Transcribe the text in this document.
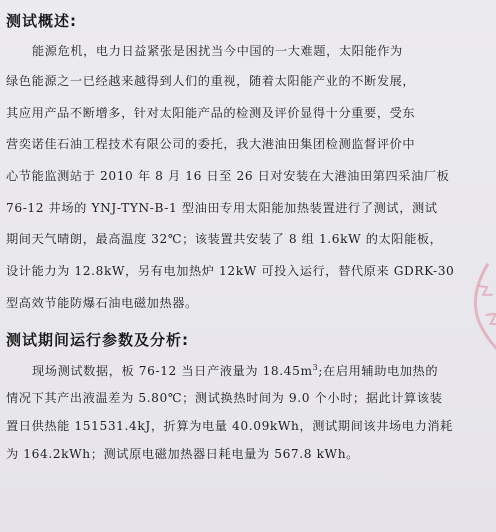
测试概述:
能源危机，电力日益紧张是困扰当今中国的一大难题，太阳能作为
绿色能源之一已经越来越得到人们的重视，随着太阳能产业的不断发展，
其应用产品不断增多，针对太阳能产品的检测及评价显得十分重要，受东
营奕诺佳石油工程技术有限公司的委托，我大港油田集团检测监督评价中
心节能监测站于 2010 年 8 月 16 日至 26 日对安装在大港油田第四采油厂板
76-12 井场的 YNJ-TYN-B-1 型油田专用太阳能加热装置进行了测试，测试
期间天气晴朗，最高温度 32℃；该装置共安装了 8 组 1.6kW 的太阳能板，
设计能力为 12.8kW，另有电加热炉 12kW 可投入运行，替代原来 GDRK-30
型高效节能防爆石油电磁加热器。
测试期间运行参数及分析:
现场测试数据，板 76-12 当日产液量为 $18.45m^3$;在启用辅助电加热的
情况下其产出液温差为 5.80℃；测试换热时间为 9.0 个小时；据此计算该装
置日供热能 151531.4kJ，折算为电量 40.09kWh，测试期间该井场电力消耗
为 164.2kWh；测试原电磁加热器日耗电量为 567.8 kWh。
